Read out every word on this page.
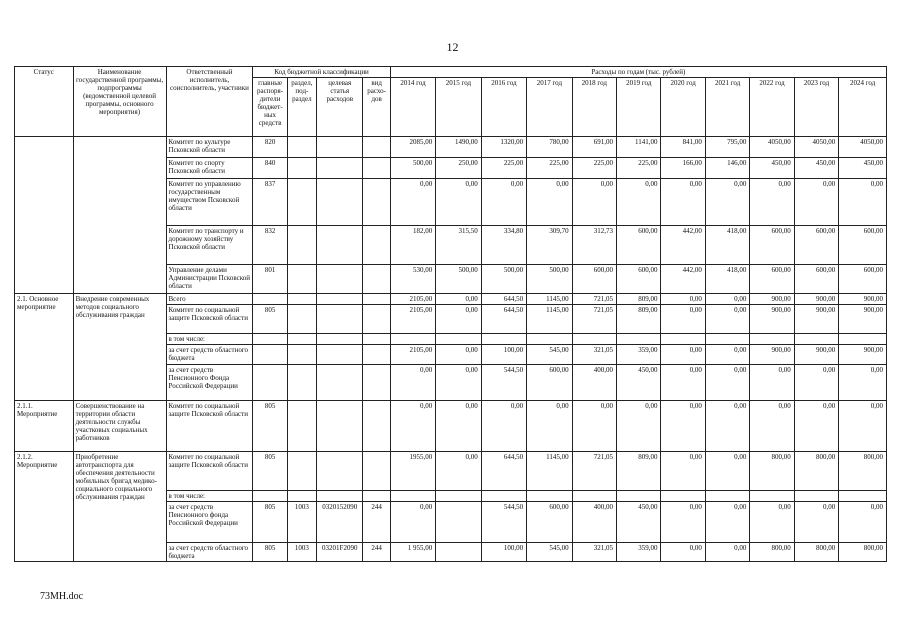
12
Статус	Наименование государственной программы, подпрограммы (ведомственной целевой программы, основного мероприятия)	Ответственный исполнитель, соисполнитель, участники	Код бюджетной классификации				Расходы по годам (тыс. рублей)										
			главные распоря-дители бюджет-ных средств	раздел, под-раздел	целевая статья расходов	вид расхо-дов	2014 год	2015 год	2016 год	2017 год	2018 год	2019 год	2020 год	2021 год	2022 год	2023 год	2024 год
		Комитет по культуре Псковской области	820				2085,00	1490,00	1320,00	780,00	691,00	1141,00	841,00	795,00	4050,00	4050,00	4050,00
		Комитет по спорту Псковской области	840				500,00	250,00	225,00	225,00	225,00	225,00	166,00	146,00	450,00	450,00	450,00
		Комитет по управлению государственным имуществом Псковской области	837				0,00	0,00	0,00	0,00	0,00	0,00	0,00	0,00	0,00	0,00	0,00
		Комитет по транспорту и дорожному хозяйству Псковской области	832				182,00	315,50	334,80	309,70	312,73	600,00	442,00	418,00	600,00	600,00	600,00
		Управление делами Администрации Псковской области	801				530,00	500,00	500,00	500,00	600,00	600,00	442,00	418,00	600,00	600,00	600,00
2.1. Основное мероприятие	Внедрение современных методов социального обслуживания граждан	Всего					2105,00	0,00	644,50	1145,00	721,05	809,00	0,00	0,00	900,00	900,00	900,00
		Комитет по социальной защите Псковской области	805				2105,00	0,00	644,50	1145,00	721,05	809,00	0,00	0,00	900,00	900,00	900,00
		в том числе:															
		за счет средств областного бюджета					2105,00	0,00	100,00	545,00	321,05	359,00	0,00	0,00	900,00	900,00	900,00
		за счет средств Пенсионного Фонда Российской Федерации					0,00	0,00	544,50	600,00	400,00	450,00	0,00	0,00	0,00	0,00	0,00
2.1.1. Мероприятие	Совершенствование на территории области деятельности службы участковых социальных работников	Комитет по социальной защите Псковской области	805				0,00	0,00	0,00	0,00	0,00	0,00	0,00	0,00	0,00	0,00	0,00
2.1.2. Мероприятие	Приобретение автотранспорта для обеспечения деятельности мобильных бригад медико-социального социального обслуживания граждан	Комитет по социальной защите Псковской области	805				1955,00	0,00	644,50	1145,00	721,05	809,00	0,00	0,00	800,00	800,00	800,00
		в том числе:															
		за счет средств Пенсионного фонда Российской Федерации	805	1003	0320152090	244	0,00		544,50	600,00	400,00	450,00	0,00	0,00	0,00	0,00	0,00
		за счет средств областного бюджета	805	1003	03201F2090	244	1 955,00		100,00	545,00	321,05	359,00	0,00	0,00	800,00	800,00	800,00
73MH.doc
